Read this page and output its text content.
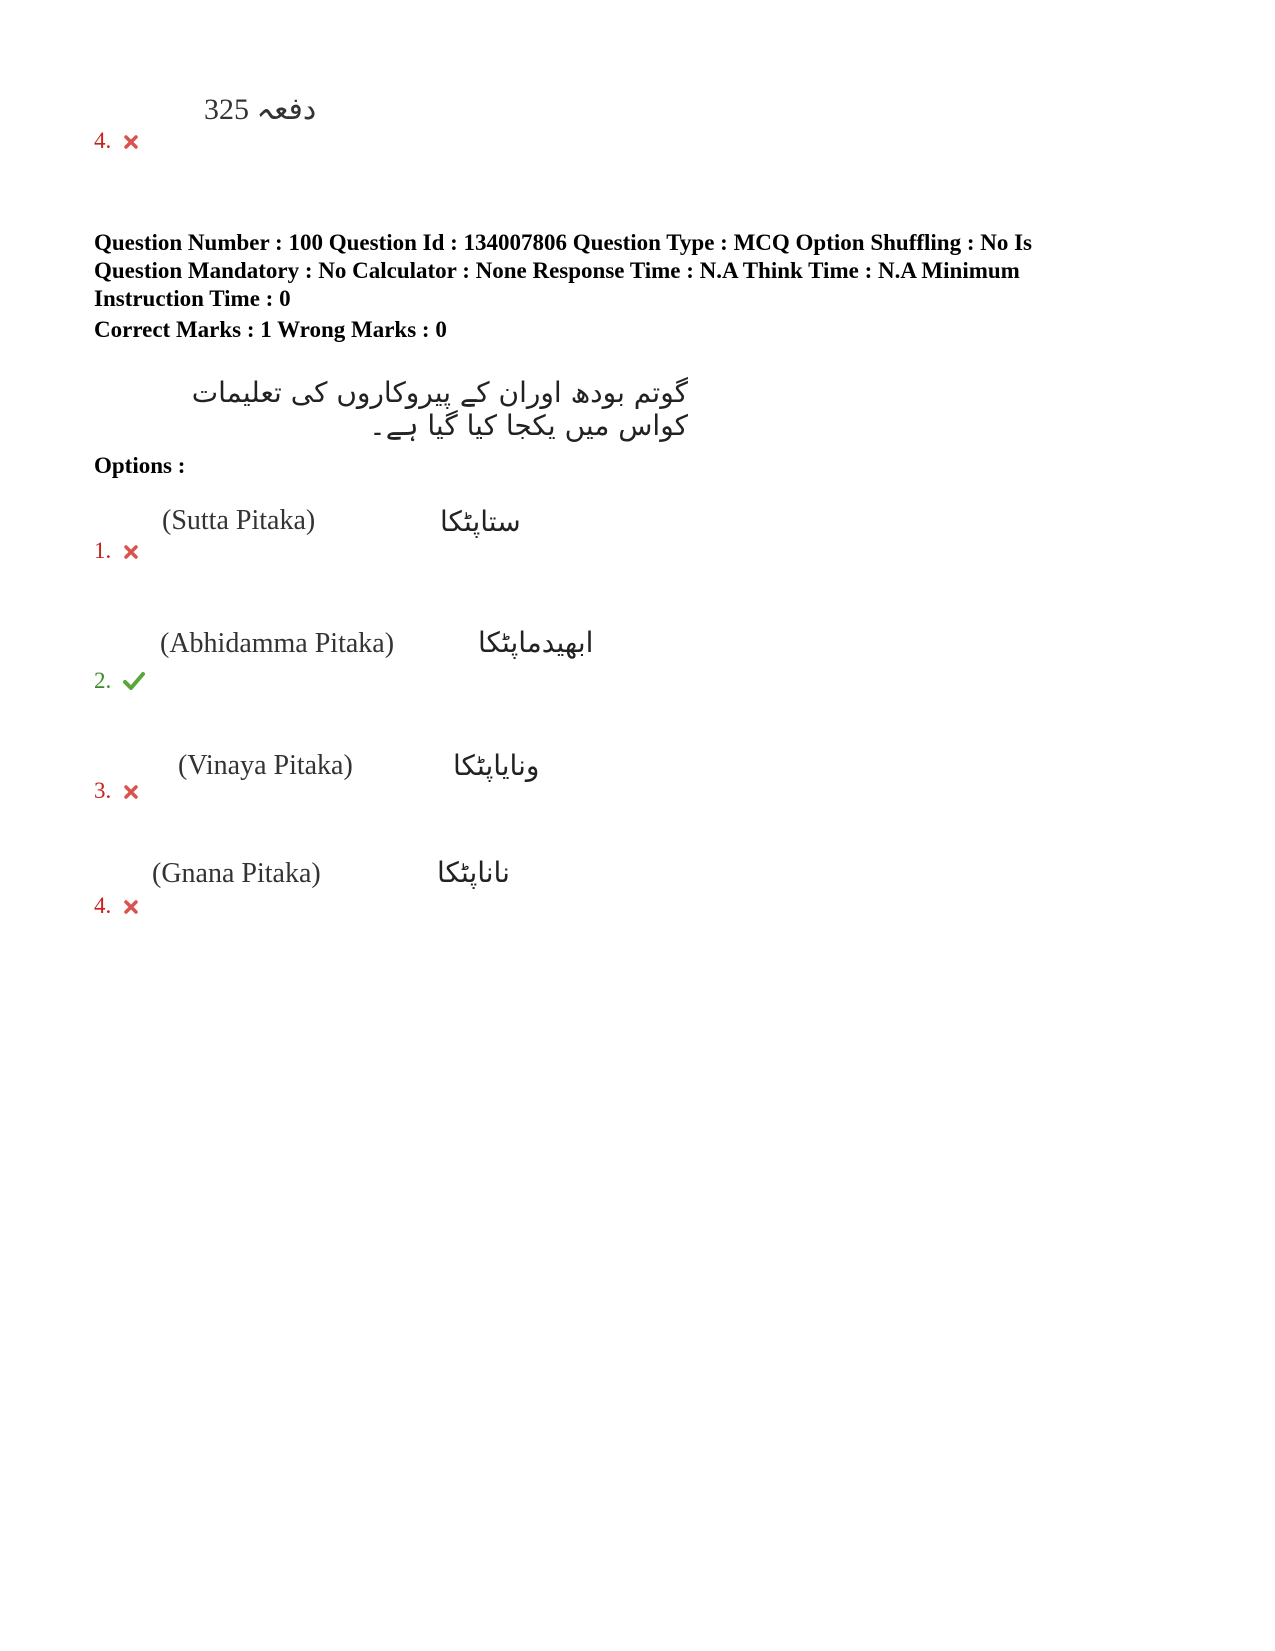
325 دفعہ
4.
Question Number : 100 Question Id : 134007806 Question Type : MCQ Option Shuffling : No Is
Question Mandatory : No Calculator : None Response Time : N.A Think Time : N.A Minimum
Instruction Time : 0
Correct Marks : 1 Wrong Marks : 0
گوتم بودھ اوران کے پیروکاروں کی تعلیمات کواس میں یکجا کیا گیا ہے۔
Options :
(Sutta Pitaka)	ستاپٹکا
1.
(Abhidamma Pitaka)	ابھیدماپٹکا
2.
(Vinaya Pitaka)	ونایاپٹکا
3.
(Gnana Pitaka)	ناناپٹکا
4.
